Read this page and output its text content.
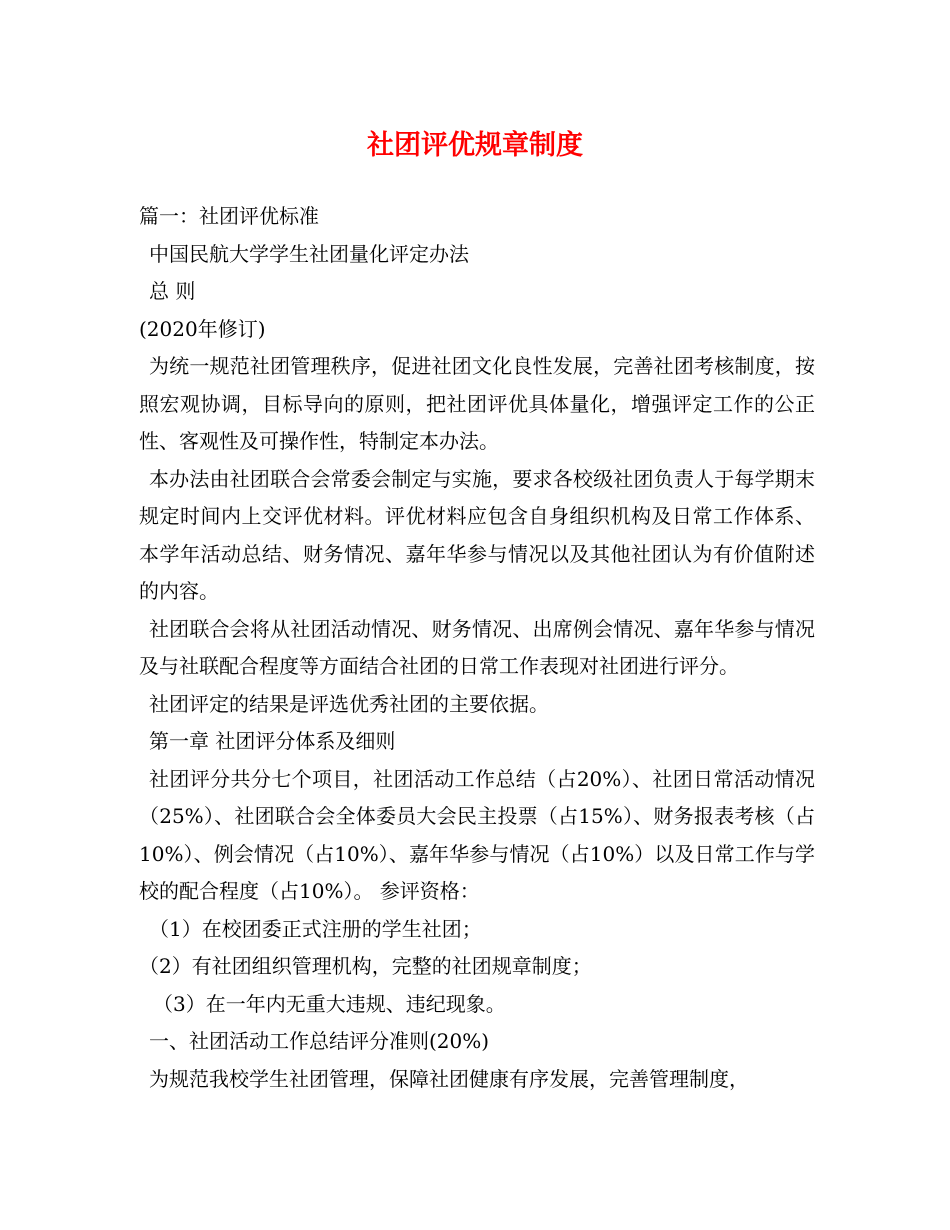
社团评优规章制度

篇一：社团评优标准

中国民航大学学生社团量化评定办法

总 则

(2020年修订)

为统一规范社团管理秩序，促进社团文化良性发展，完善社团考核制度，按照宏观协调，目标导向的原则，把社团评优具体量化，增强评定工作的公正性、客观性及可操作性，特制定本办法。

本办法由社团联合会常委会制定与实施，要求各校级社团负责人于每学期末规定时间内上交评优材料。评优材料应包含自身组织机构及日常工作体系、本学年活动总结、财务情况、嘉年华参与情况以及其他社团认为有价值附述的内容。

社团联合会将从社团活动情况、财务情况、出席例会情况、嘉年华参与情况及与社联配合程度等方面结合社团的日常工作表现对社团进行评分。

社团评定的结果是评选优秀社团的主要依据。

第一章 社团评分体系及细则

社团评分共分七个项目，社团活动工作总结（占20%）、社团日常活动情况（25%）、社团联合会全体委员大会民主投票（占15%）、财务报表考核（占10%）、例会情况（占10%）、嘉年华参与情况（占10%）以及日常工作与学校的配合程度（占10%）。 参评资格：

（1）在校团委正式注册的学生社团；

（2）有社团组织管理机构，完整的社团规章制度；

（3）在一年内无重大违规、违纪现象。

一、社团活动工作总结评分准则(20%)

为规范我校学生社团管理，保障社团健康有序发展，完善管理制度，
